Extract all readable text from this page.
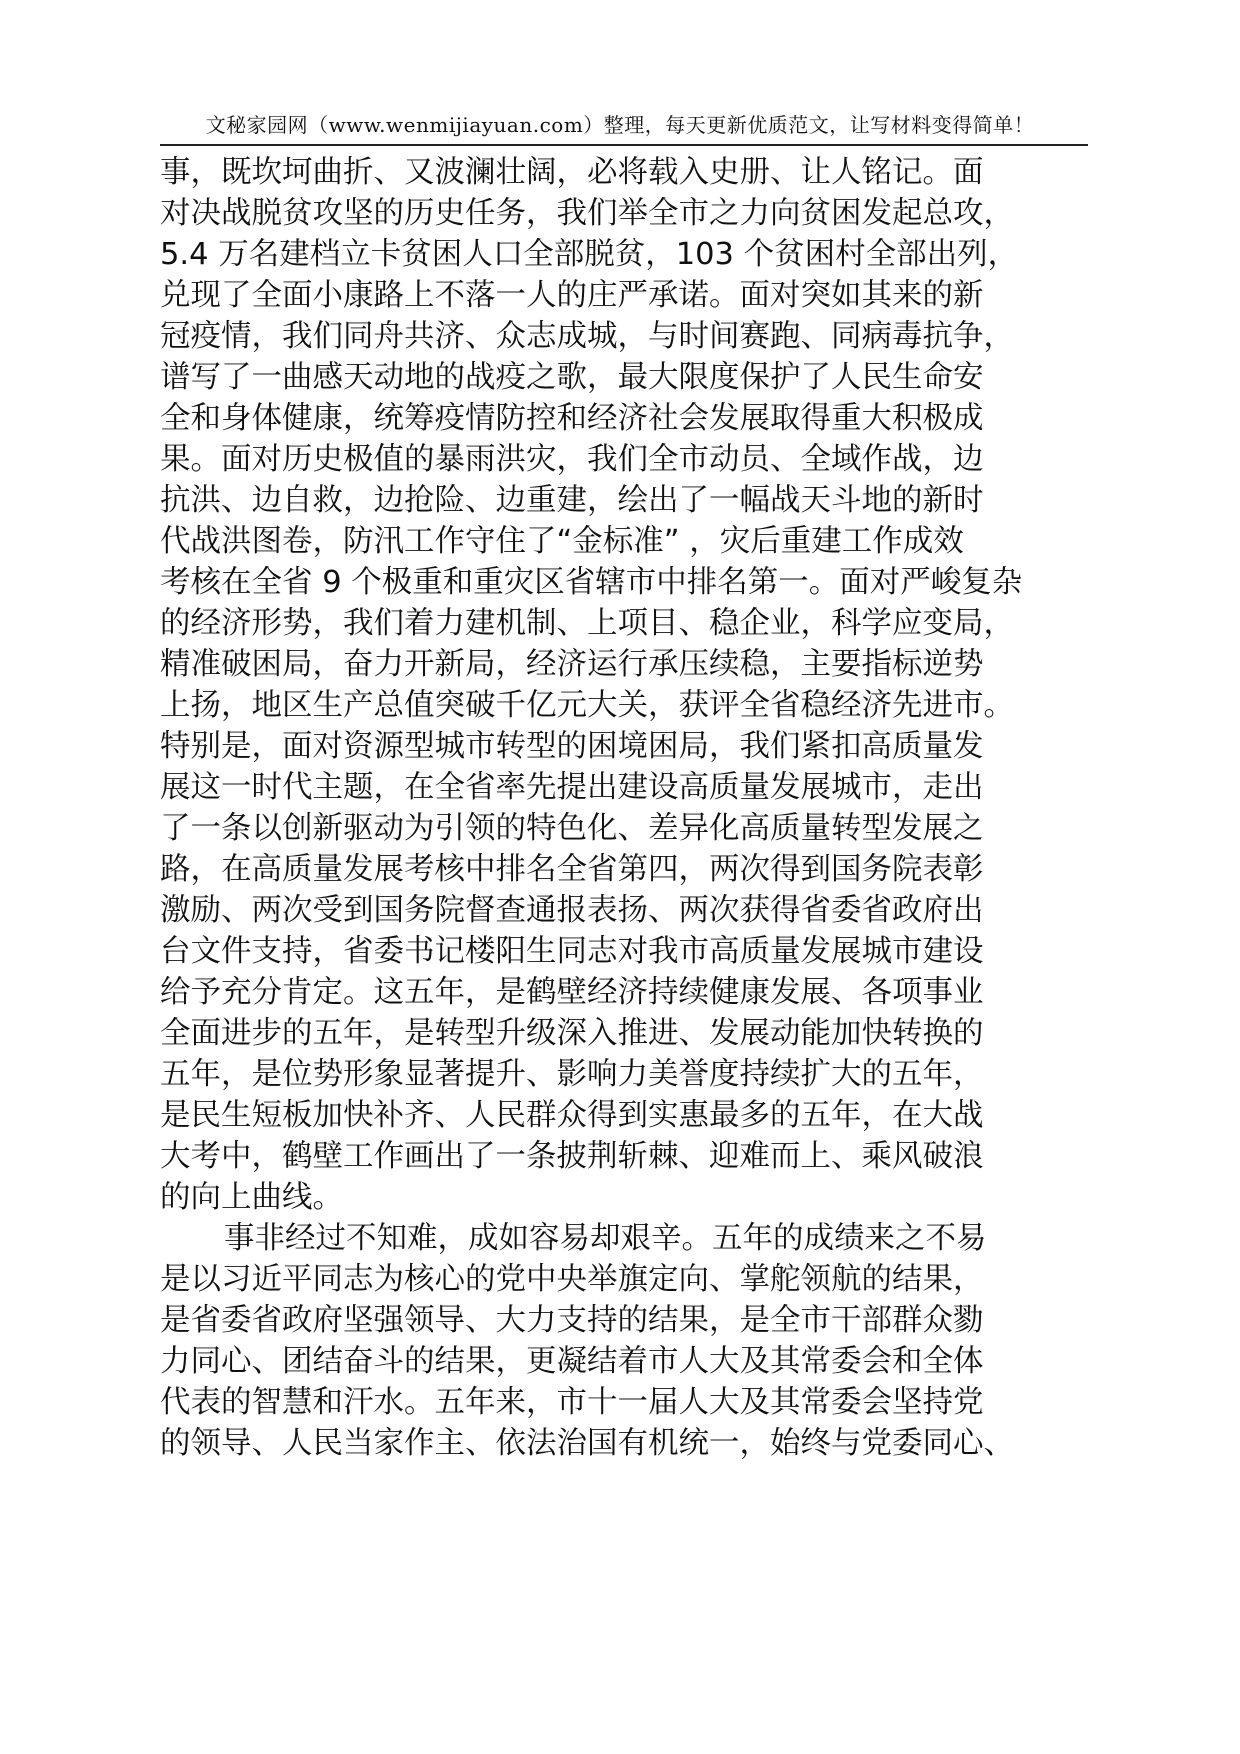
文秘家园网（www.wenmijiayuan.com）整理，每天更新优质范文，让写材料变得简单！
事，既坎坷曲折、又波澜壮阔，必将载入史册、让人铭记。面
对决战脱贫攻坚的历史任务，我们举全市之力向贫困发起总攻，
5.4 万名建档立卡贫困人口全部脱贫，103 个贫困村全部出列，
兑现了全面小康路上不落一人的庄严承诺。面对突如其来的新
冠疫情，我们同舟共济、众志成城，与时间赛跑、同病毒抗争，
谱写了一曲感天动地的战疫之歌，最大限度保护了人民生命安
全和身体健康，统筹疫情防控和经济社会发展取得重大积极成
果。面对历史极值的暴雨洪灾，我们全市动员、全域作战，边
抗洪、边自救，边抢险、边重建，绘出了一幅战天斗地的新时
代战洪图卷，防汛工作守住了“金标准” ，灾后重建工作成效
考核在全省 9 个极重和重灾区省辖市中排名第一。面对严峻复杂
的经济形势，我们着力建机制、上项目、稳企业，科学应变局，
精准破困局，奋力开新局，经济运行承压续稳，主要指标逆势
上扬，地区生产总值突破千亿元大关，获评全省稳经济先进市。
特别是，面对资源型城市转型的困境困局，我们紧扣高质量发
展这一时代主题，在全省率先提出建设高质量发展城市，走出
了一条以创新驱动为引领的特色化、差异化高质量转型发展之
路，在高质量发展考核中排名全省第四，两次得到国务院表彰
激励、两次受到国务院督查通报表扬、两次获得省委省政府出
台文件支持，省委书记楼阳生同志对我市高质量发展城市建设
给予充分肯定。这五年，是鹤壁经济持续健康发展、各项事业
全面进步的五年，是转型升级深入推进、发展动能加快转换的
五年，是位势形象显著提升、影响力美誉度持续扩大的五年，
是民生短板加快补齐、人民群众得到实惠最多的五年，在大战
大考中，鹤壁工作画出了一条披荆斩棘、迎难而上、乘风破浪
的向上曲线。
事非经过不知难，成如容易却艰辛。五年的成绩来之不易
是以习近平同志为核心的党中央举旗定向、掌舵领航的结果，
是省委省政府坚强领导、大力支持的结果，是全市干部群众勠
力同心、团结奋斗的结果，更凝结着市人大及其常委会和全体
代表的智慧和汗水。五年来，市十一届人大及其常委会坚持党
的领导、人民当家作主、依法治国有机统一，始终与党委同心、
